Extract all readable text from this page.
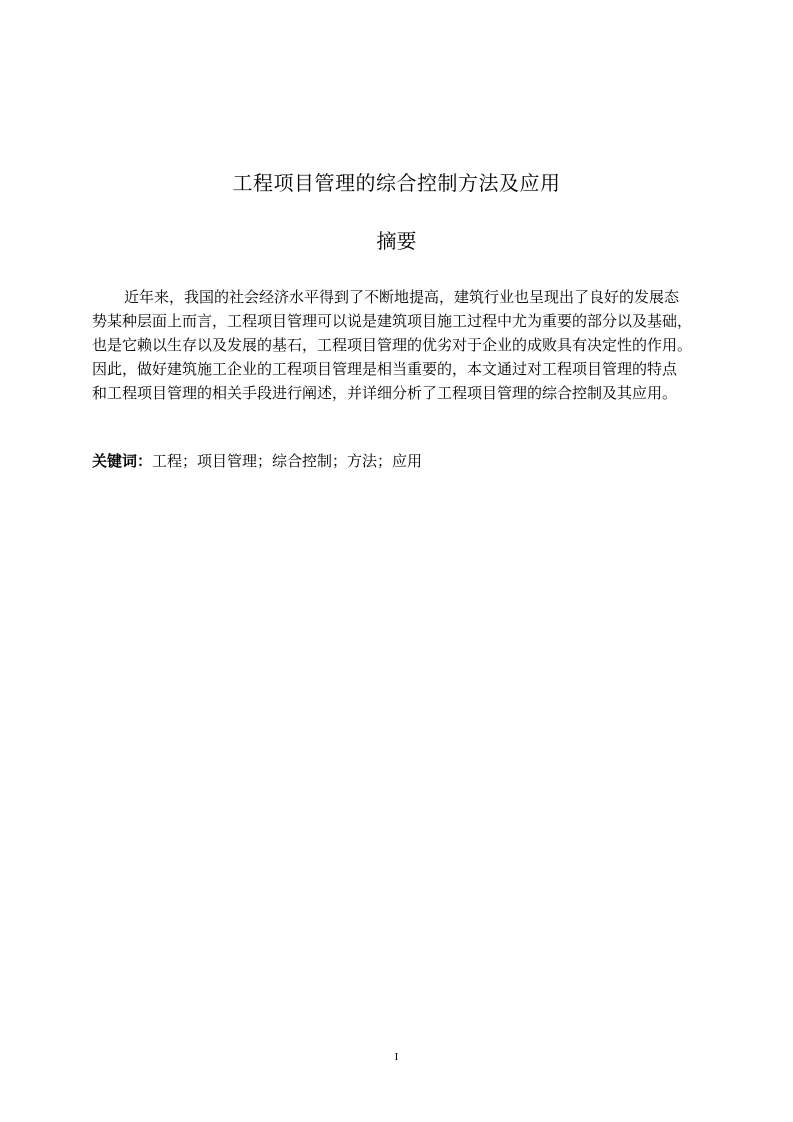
工程项目管理的综合控制方法及应用
摘要
近年来，我国的社会经济水平得到了不断地提高，建筑行业也呈现出了良好的发展态
势某种层面上而言，工程项目管理可以说是建筑项目施工过程中尤为重要的部分以及基础，
也是它赖以生存以及发展的基石，工程项目管理的优劣对于企业的成败具有决定性的作用。
因此，做好建筑施工企业的工程项目管理是相当重要的，本文通过对工程项目管理的特点
和工程项目管理的相关手段进行阐述，并详细分析了工程项目管理的综合控制及其应用。
关键词：工程；项目管理；综合控制；方法；应用
I
